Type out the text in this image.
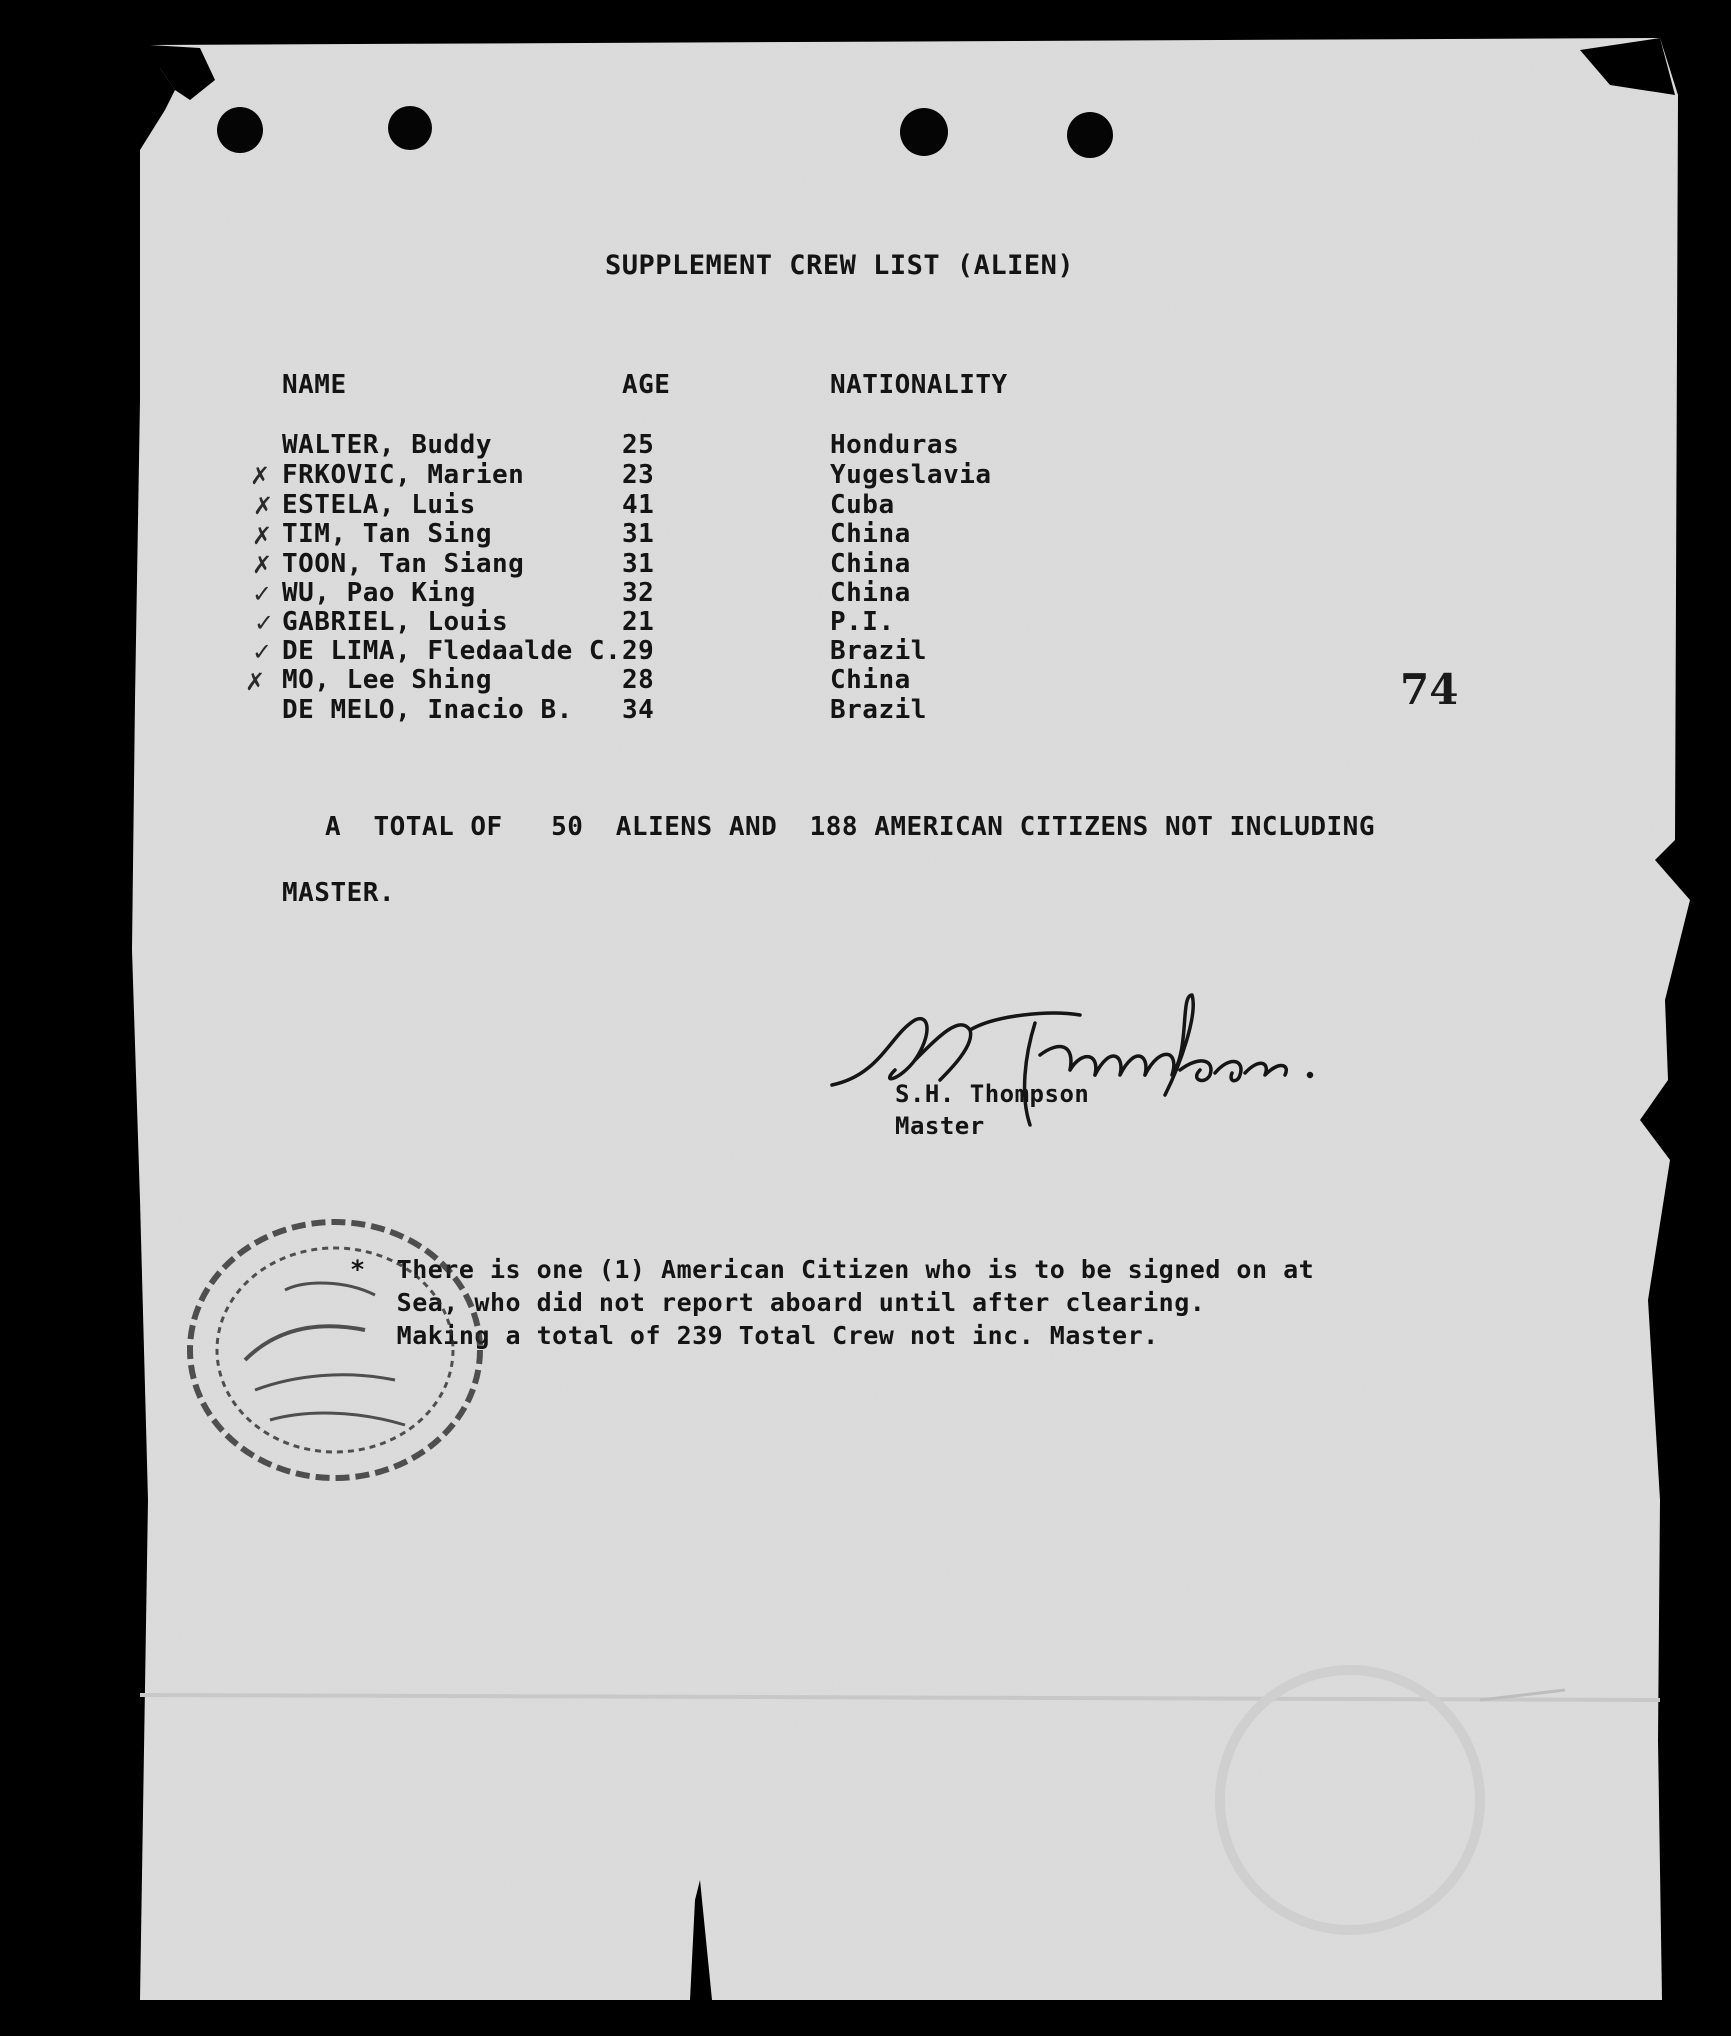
SUPPLEMENT CREW LIST (ALIEN)
NAME	AGE	NATIONALITY
WALTER, Buddy	25	Honduras
✗ FRKOVIC, Marien	23	Yugeslavia
✗ ESTELA, Luis	41	Cuba
✗ TIM, Tan Sing	31	China
✗ TOON, Tan Siang	31	China
✓ WU, Pao King	32	China
✓ GABRIEL, Louis	21	P.I.
✓ DE LIMA, Fledaalde C. 29	Brazil
✗ MO, Lee Shing	28	China
DE MELO, Inacio B. 34	Brazil	74
A  TOTAL OF   50  ALIENS AND  188 AMERICAN CITIZENS NOT INCLUDING
MASTER.
S.H. Thompson
Master
*  There is one (1) American Citizen who is to be signed on at
Sea, who did not report aboard until after clearing.
Making a total of 239 Total Crew not inc. Master.
